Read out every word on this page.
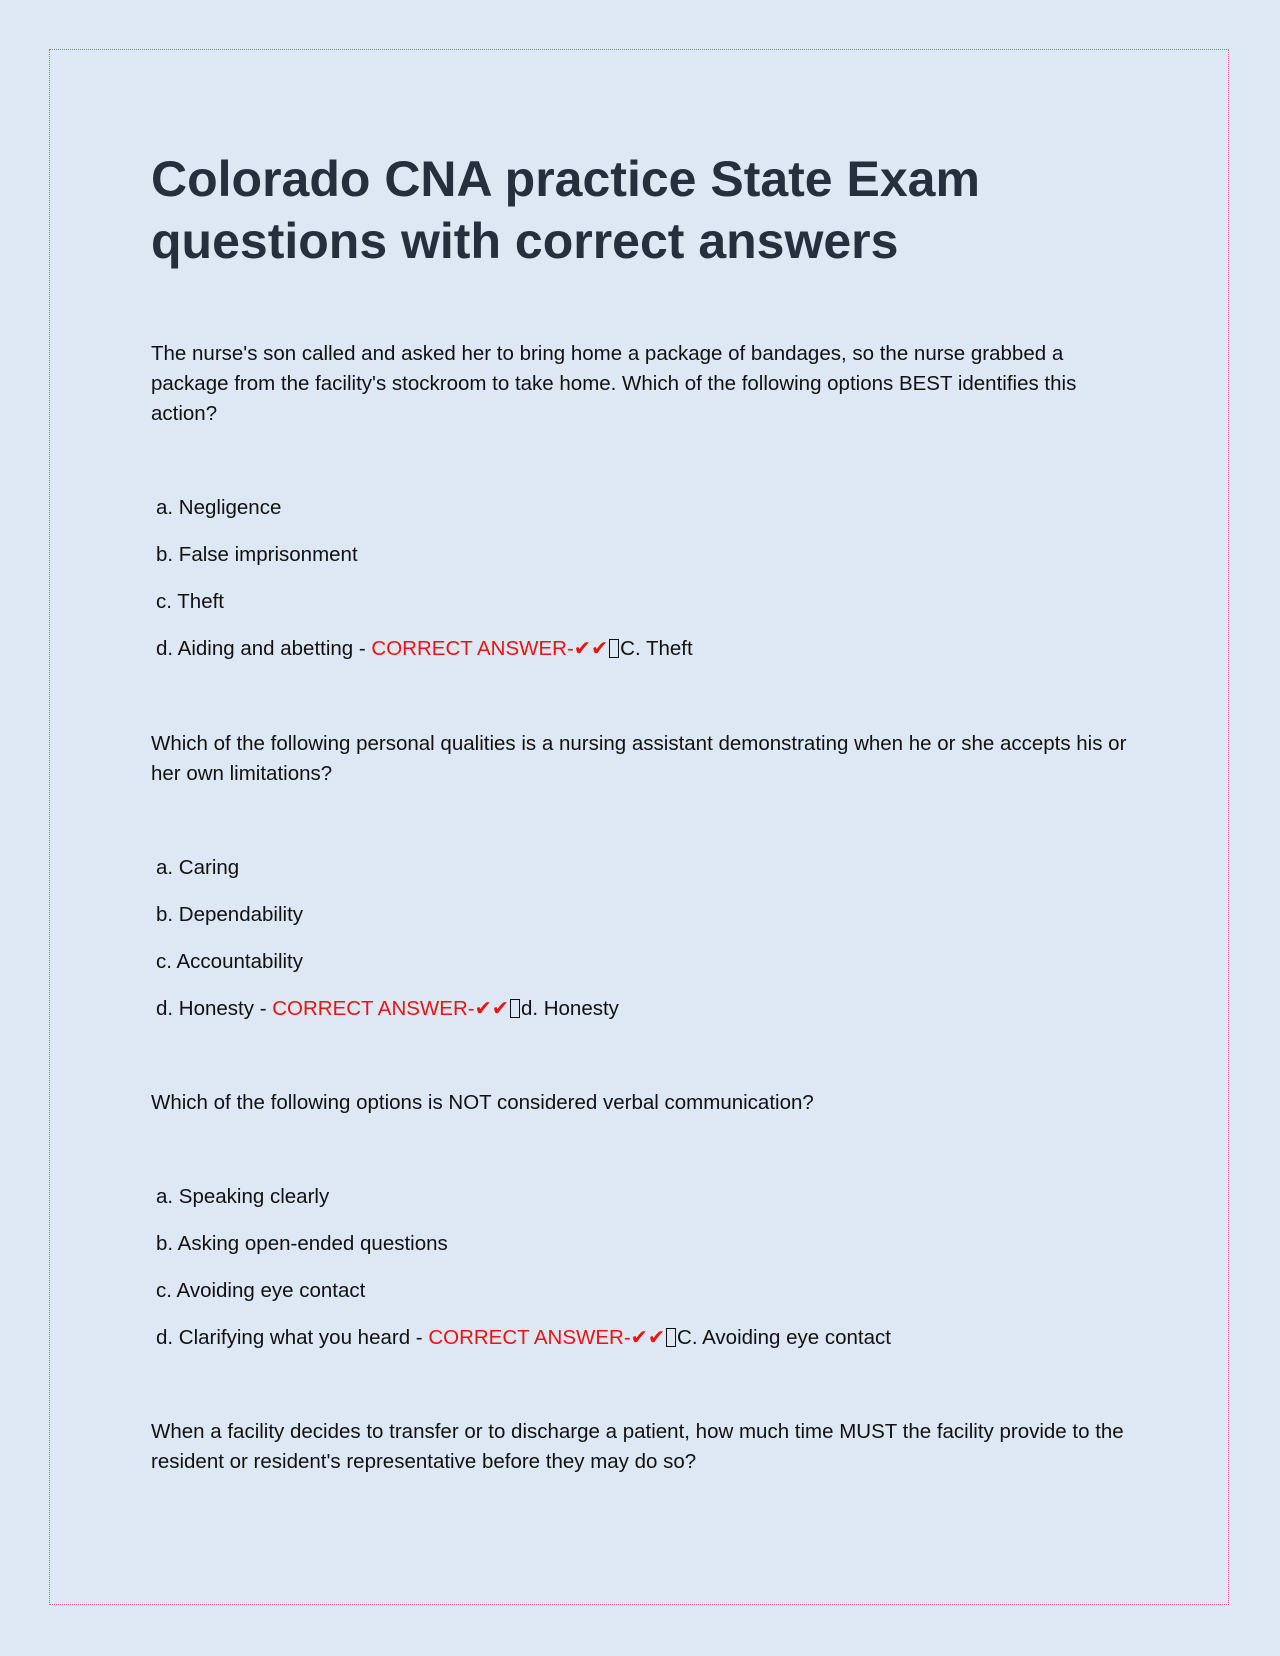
Colorado CNA practice State Exam questions with correct answers

The nurse's son called and asked her to bring home a package of bandages, so the nurse grabbed a package from the facility's stockroom to take home. Which of the following options BEST identifies this action?

a. Negligence
b. False imprisonment
c. Theft
d. Aiding and abetting - CORRECT ANSWER-✔✔ C. Theft

Which of the following personal qualities is a nursing assistant demonstrating when he or she accepts his or her own limitations?

a. Caring
b. Dependability
c. Accountability
d. Honesty - CORRECT ANSWER-✔✔ d. Honesty

Which of the following options is NOT considered verbal communication?

a. Speaking clearly
b. Asking open-ended questions
c. Avoiding eye contact
d. Clarifying what you heard - CORRECT ANSWER-✔✔ C. Avoiding eye contact

When a facility decides to transfer or to discharge a patient, how much time MUST the facility provide to the resident or resident's representative before they may do so?
